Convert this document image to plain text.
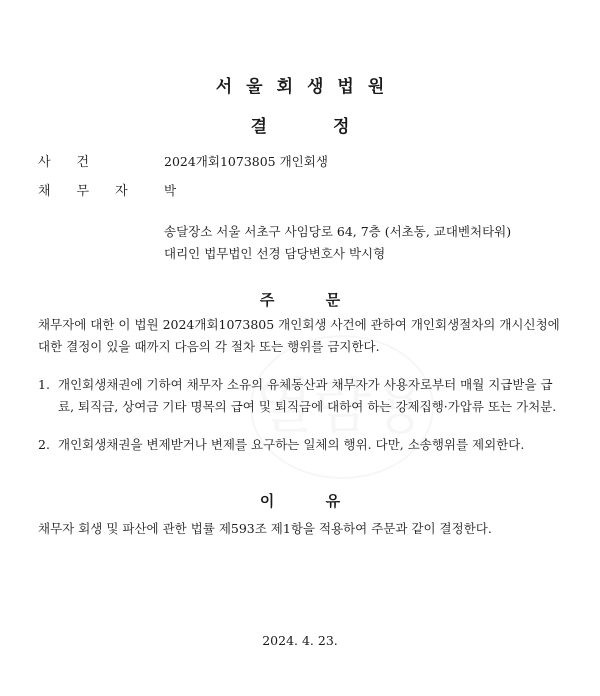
서울회생법원
결 정
사건	2024개회1073805 개인회생
채무자 박
송달장소 서울 서초구 사임당로 64, 7층 (서초동, 교대벤처타워)
대리인 법무법인 선경 담당변호사 박시형
주 문
채무자에 대한 이 법원 2024개회1073805 개인회생 사건에 관하여 개인회생절차의 개시신청에 대한 결정이 있을 때까지 다음의 각 절차 또는 행위를 금지한다.
1. 개인회생채권에 기하여 채무자 소유의 유체동산과 채무자가 사용자로부터 매월 지급받을 급료, 퇴직금, 상여금 기타 명목의 급여 및 퇴직금에 대하여 하는 강제집행·가압류 또는 가처분.
2. 개인회생채권을 변제받거나 변제를 요구하는 일체의 행위. 다만, 소송행위를 제외한다.
이 유
채무자 회생 및 파산에 관한 법률 제593조 제1항을 적용하여 주문과 같이 결정한다.
2024. 4. 23.
